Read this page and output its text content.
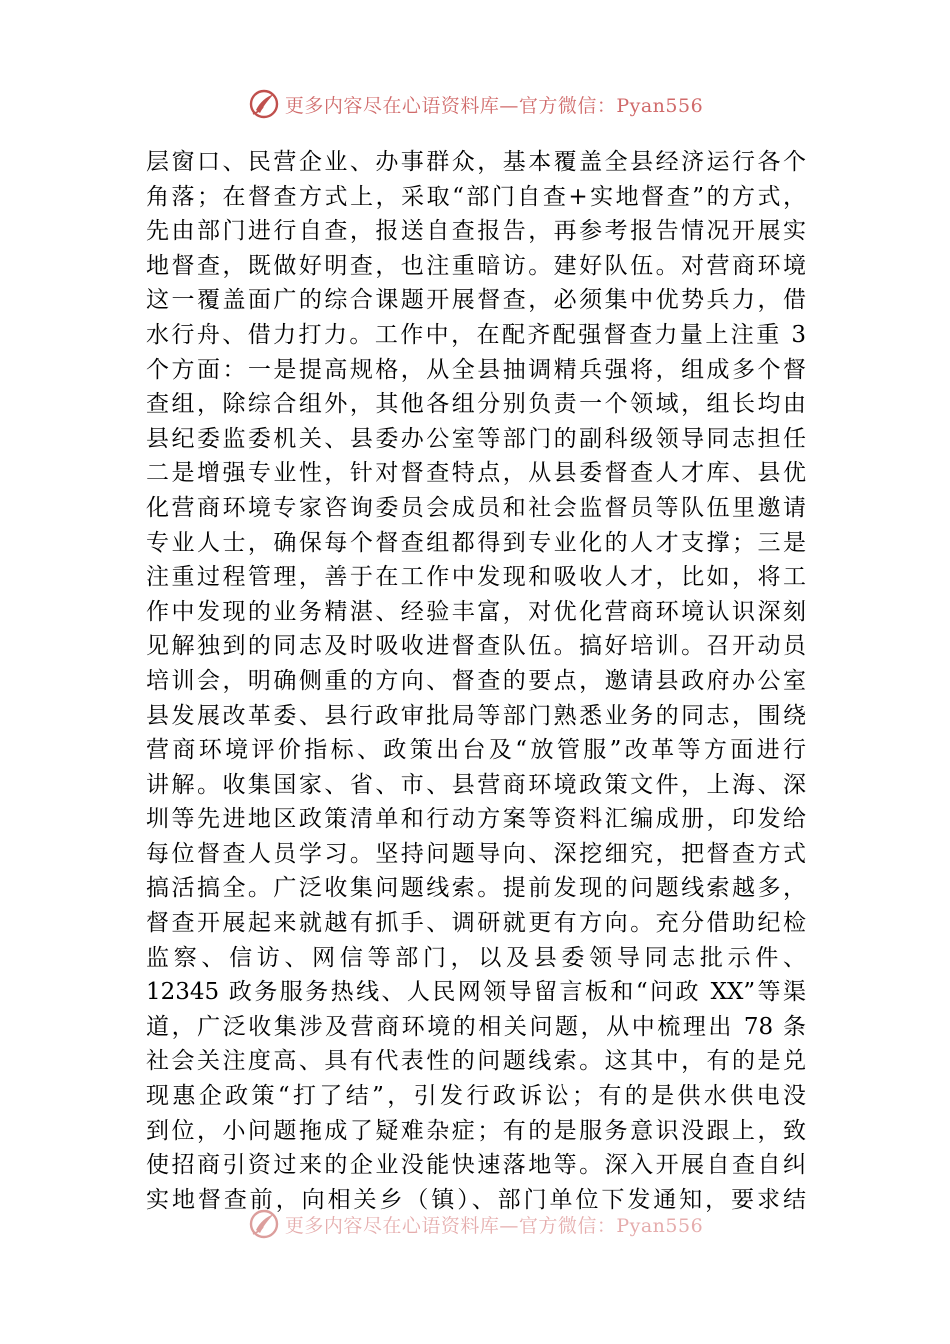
更多内容尽在心语资料库—官方微信：Pyan556
层窗口、民营企业、办事群众，基本覆盖全县经济运行各个
角落；在督查方式上，采取“部门自查+实地督查”的方式，
先由部门进行自查，报送自查报告，再参考报告情况开展实
地督查，既做好明查，也注重暗访。建好队伍。对营商环境
这一覆盖面广的综合课题开展督查，必须集中优势兵力，借
水行舟、借力打力。工作中，在配齐配强督查力量上注重 3
个方面：一是提高规格，从全县抽调精兵强将，组成多个督
查组，除综合组外，其他各组分别负责一个领域，组长均由
县纪委监委机关、县委办公室等部门的副科级领导同志担任
二是增强专业性，针对督查特点，从县委督查人才库、县优
化营商环境专家咨询委员会成员和社会监督员等队伍里邀请
专业人士，确保每个督查组都得到专业化的人才支撑；三是
注重过程管理，善于在工作中发现和吸收人才，比如，将工
作中发现的业务精湛、经验丰富，对优化营商环境认识深刻
见解独到的同志及时吸收进督查队伍。搞好培训。召开动员
培训会，明确侧重的方向、督查的要点，邀请县政府办公室
县发展改革委、县行政审批局等部门熟悉业务的同志，围绕
营商环境评价指标、政策出台及“放管服”改革等方面进行
讲解。收集国家、省、市、县营商环境政策文件，上海、深
圳等先进地区政策清单和行动方案等资料汇编成册，印发给
每位督查人员学习。坚持问题导向、深挖细究，把督查方式
搞活搞全。广泛收集问题线索。提前发现的问题线索越多，
督查开展起来就越有抓手、调研就更有方向。充分借助纪检
监察、信访、网信等部门，以及县委领导同志批示件、
12345 政务服务热线、人民网领导留言板和“问政 XX”等渠
道，广泛收集涉及营商环境的相关问题，从中梳理出 78 条
社会关注度高、具有代表性的问题线索。这其中，有的是兑
现惠企政策“打了结”，引发行政诉讼；有的是供水供电没
到位，小问题拖成了疑难杂症；有的是服务意识没跟上，致
使招商引资过来的企业没能快速落地等。深入开展自查自纠
实地督查前，向相关乡（镇）、部门单位下发通知，要求结
更多内容尽在心语资料库—官方微信：Pyan556
